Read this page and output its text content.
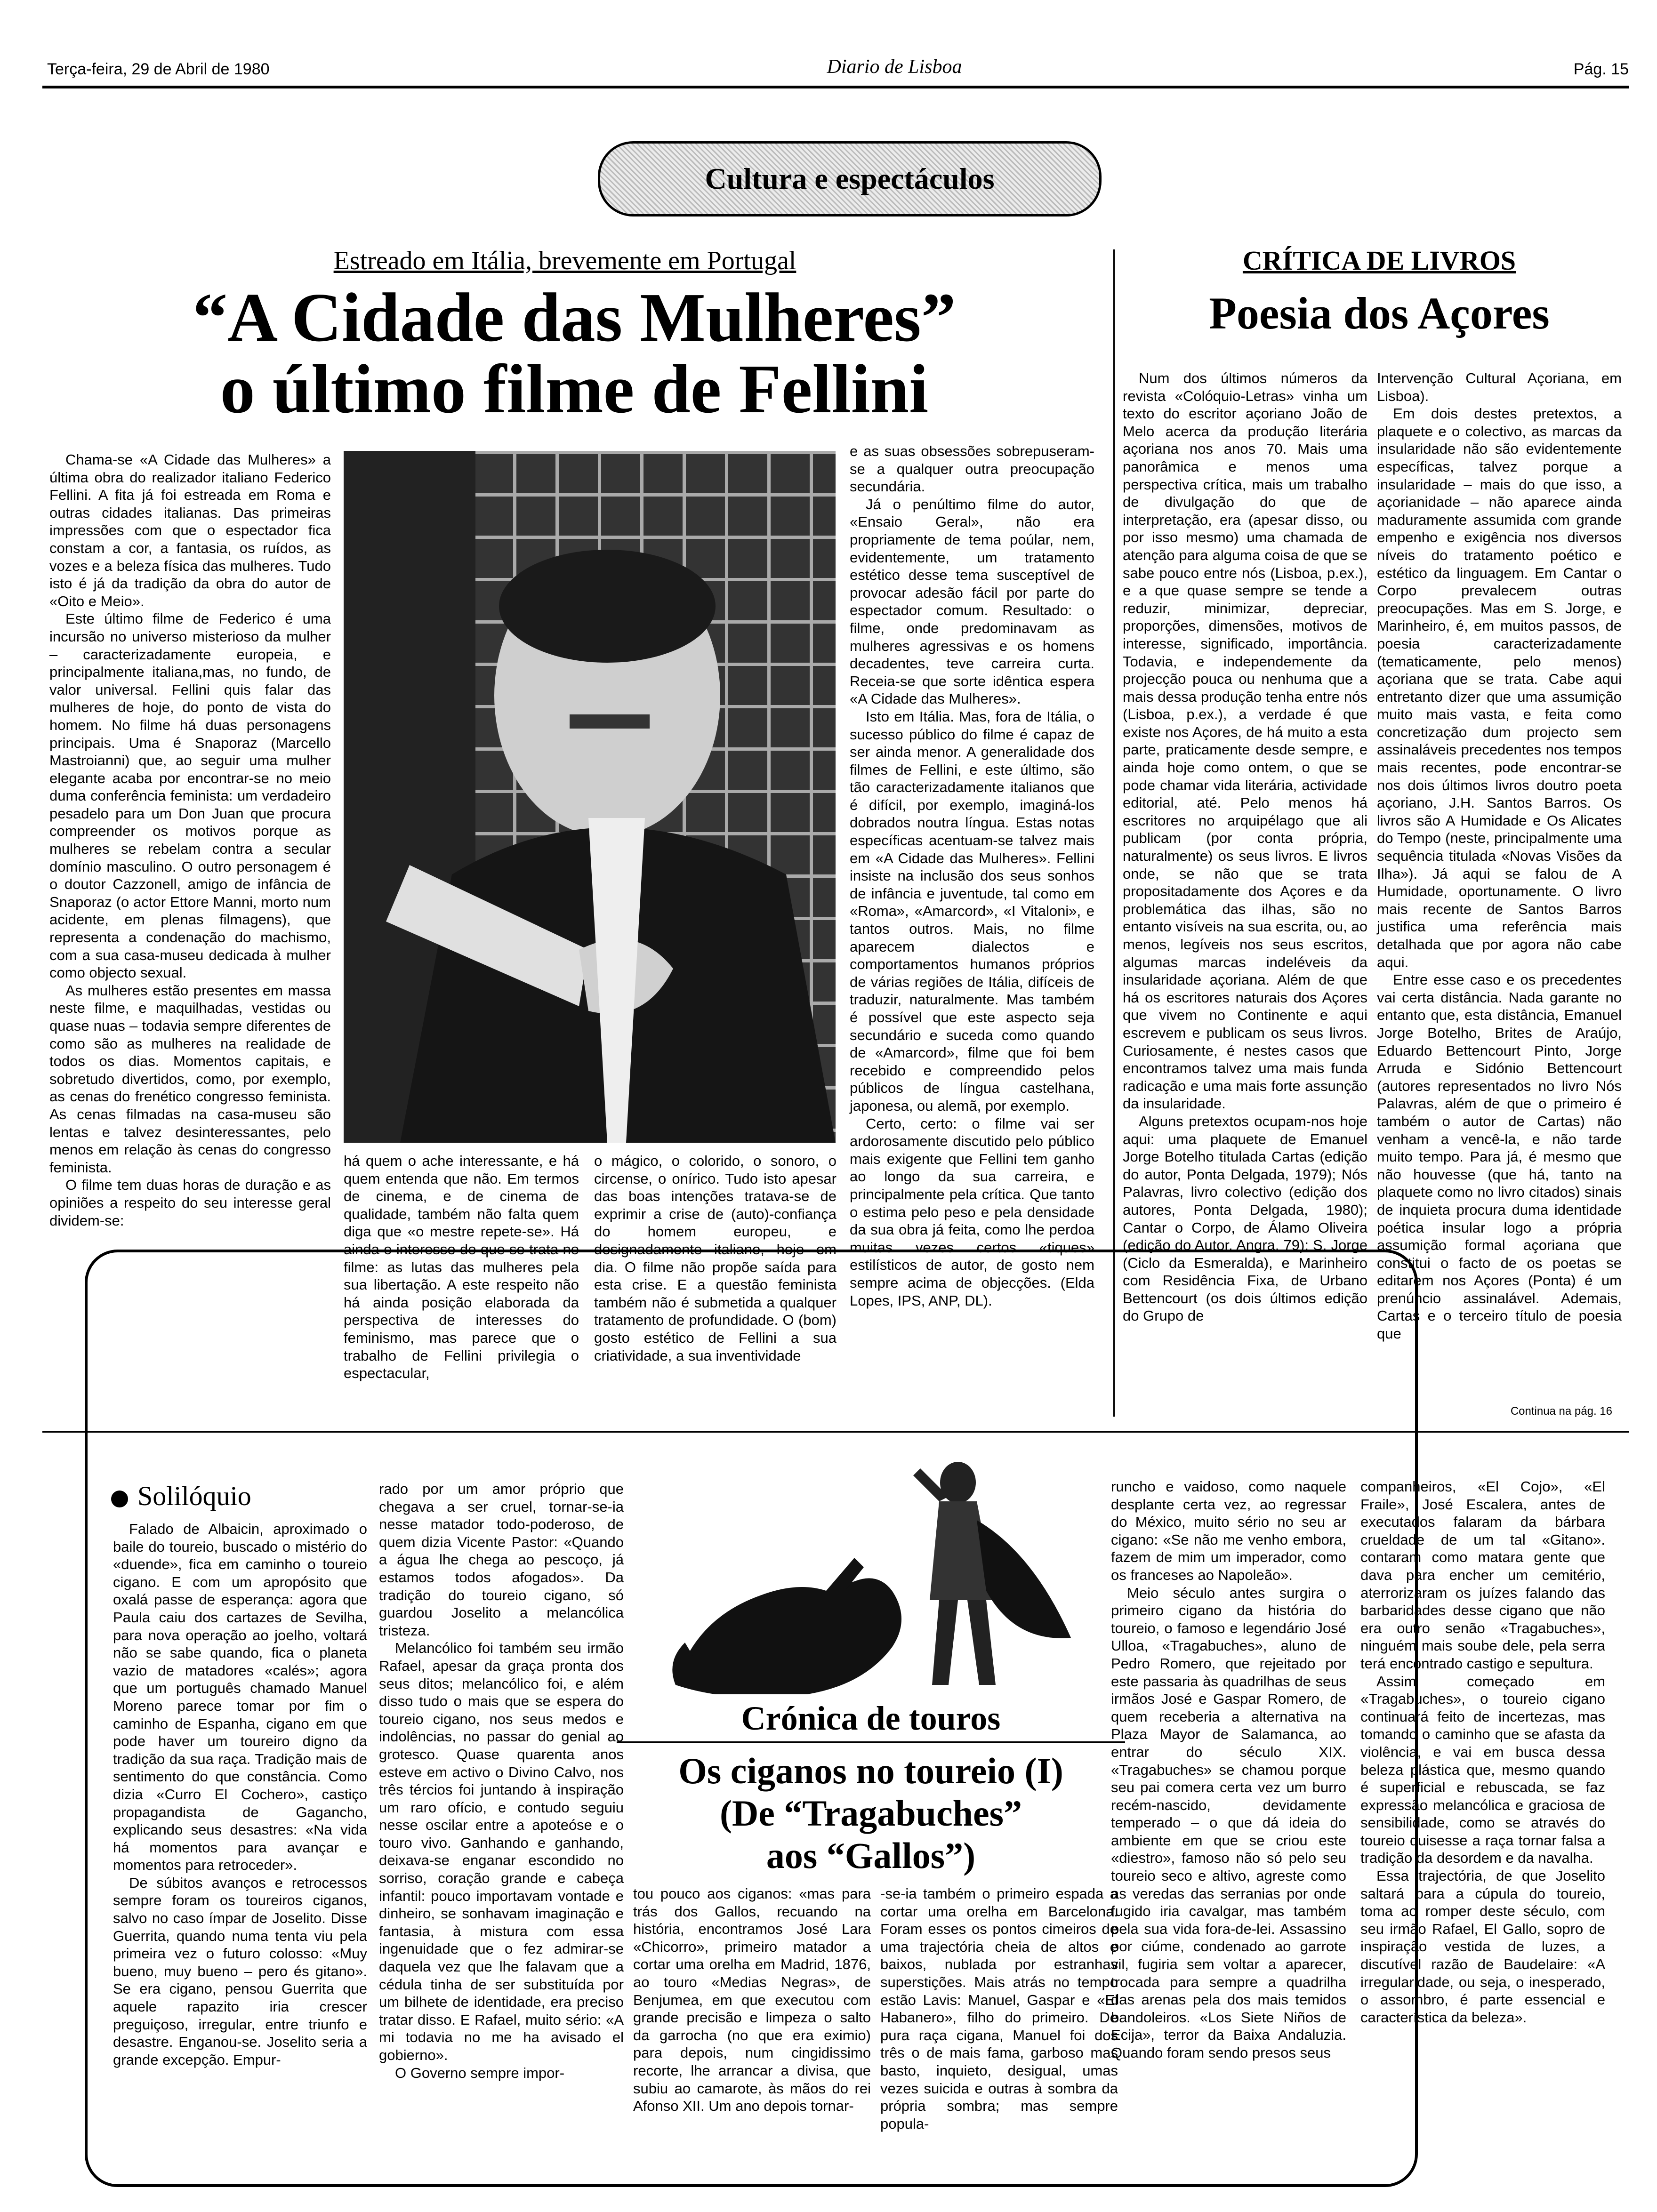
Terça-feira, 29 de Abril de 1980	Diario de Lisboa	Pág. 15
Cultura e espectáculos
Estreado em Itália, brevemente em Portugal
“A Cidade das Mulheres”
o último filme de Fellini

Chama-se «A Cidade das Mulheres» a última obra do realizador italiano Federico Fellini. A fita já foi estreada em Roma e outras cidades italianas. Das primeiras impressões com que o espectador fica constam a cor, a fantasia, os ruídos, as vozes e a beleza física das mulheres. Tudo isto é já da tradição da obra do autor de «Oito e Meio».

Este último filme de Federico é uma incursão no universo misterioso da mulher – caracterizadamente europeia, e principalmente italiana,mas, no fundo, de valor universal. Fellini quis falar das mulheres de hoje, do ponto de vista do homem. No filme há duas personagens principais. Uma é Snaporaz (Marcello Mastroianni) que, ao seguir uma mulher elegante acaba por encontrar-se no meio duma conferência feminista: um verdadeiro pesadelo para um Don Juan que procura compreender os motivos porque as mulheres se rebelam contra a secular domínio masculino. O outro personagem é o doutor Cazzonell, amigo de infância de Snaporaz (o actor Ettore Manni, morto num acidente, em plenas filmagens), que representa a condenação do machismo, com a sua casa-museu dedicada à mulher como objecto sexual.

As mulheres estão presentes em massa neste filme, e maquilhadas, vestidas ou quase nuas – todavia sempre diferentes de como são as mulheres na realidade de todos os dias. Momentos capitais, e sobretudo divertidos, como, por exemplo, as cenas do frenético congresso feminista. As cenas filmadas na casa-museu são lentas e talvez desinteressantes, pelo menos em relação às cenas do congresso feminista.

O filme tem duas horas de duração e as opiniões a respeito do seu interesse geral dividem-se:

há quem o ache interessante, e há quem entenda que não. Em termos de cinema, e de cinema de qualidade, também não falta quem diga que «o mestre repete-se». Há ainda o interesse do que se trata no filme: as lutas das mulheres pela sua libertação. A este respeito não há ainda posição elaborada da perspectiva de interesses do feminismo, mas parece que o trabalho de Fellini privilegia o espectacular,

o mágico, o colorido, o sonoro, o circense, o onírico. Tudo isto apesar das boas intenções tratava-se de exprimir a crise de (auto)-confiança do homem europeu, e designadamente italiano, hoje em dia. O filme não propõe saída para esta crise. E a questão feminista também não é submetida a qualquer tratamento de profundidade. O (bom) gosto estético de Fellini a sua criatividade, a sua inventividade

e as suas obsessões sobrepuseram-se a qualquer outra preocupação secundária.

Já o penúltimo filme do autor, «Ensaio Geral», não era propriamente de tema poúlar, nem, evidentemente, um tratamento estético desse tema susceptível de provocar adesão fácil por parte do espectador comum. Resultado: o filme, onde predominavam as mulheres agressivas e os homens decadentes, teve carreira curta. Receia-se que sorte idêntica espera «A Cidade das Mulheres».

Isto em Itália. Mas, fora de Itália, o sucesso público do filme é capaz de ser ainda menor. A generalidade dos filmes de Fellini, e este último, são tão caracterizadamente italianos que é difícil, por exemplo, imaginá-los dobrados noutra língua. Estas notas específicas acentuam-se talvez mais em «A Cidade das Mulheres». Fellini insiste na inclusão dos seus sonhos de infância e juventude, tal como em «Roma», «Amarcord», «I Vitaloni», e tantos outros. Mais, no filme aparecem dialectos e comportamentos humanos próprios de várias regiões de Itália, difíceis de traduzir, naturalmente. Mas também é possível que este aspecto seja secundário e suceda como quando de «Amarcord», filme que foi bem recebido e compreendido pelos públicos de língua castelhana, japonesa, ou alemã, por exemplo.

Certo, certo: o filme vai ser ardorosamente discutido pelo público mais exigente que Fellini tem ganho ao longo da sua carreira, e principalmente pela crítica. Que tanto o estima pelo peso e pela densidade da sua obra já feita, como lhe perdoa muitas vezes certos «tiques» estilísticos de autor, de gosto nem sempre acima de objecções. (Elda Lopes, IPS, ANP, DL).

CRÍTICA DE LIVROS
Poesia dos Açores

Num dos últimos números da revista «Colóquio-Letras» vinha um texto do escritor açoriano João de Melo acerca da produção literária açoriana nos anos 70. Mais uma panorâmica e menos uma perspectiva crítica, mais um trabalho de divulgação do que de interpretação, era (apesar disso, ou por isso mesmo) uma chamada de atenção para alguma coisa de que se sabe pouco entre nós (Lisboa, p.ex.), e a que quase sempre se tende a reduzir, minimizar, depreciar, proporções, dimensões, motivos de interesse, significado, importância. Todavia, e independemente da projecção pouca ou nenhuma que a mais dessa produção tenha entre nós (Lisboa, p.ex.), a verdade é que existe nos Açores, de há muito a esta parte, praticamente desde sempre, e ainda hoje como ontem, o que se pode chamar vida literária, actividade editorial, até. Pelo menos há escritores no arquipélago que ali publicam (por conta própria, naturalmente) os seus livros. E livros onde, se não que se trata propositadamente dos Açores e da problemática das ilhas, são no entanto visíveis na sua escrita, ou, ao menos, legíveis nos seus escritos, algumas marcas indeléveis da insularidade açoriana. Além de que há os escritores naturais dos Açores que vivem no Continente e aqui escrevem e publicam os seus livros. Curiosamente, é nestes casos que encontramos talvez uma mais funda radicação e uma mais forte assunção da insularidade.

Alguns pretextos ocupam-nos hoje aqui: uma plaquete de Emanuel Jorge Botelho titulada Cartas (edição do autor, Ponta Delgada, 1979); Nós Palavras, livro colectivo (edição dos autores, Ponta Delgada, 1980); Cantar o Corpo, de Álamo Oliveira (edição do Autor, Angra, 79); S. Jorge (Ciclo da Esmeralda), e Marinheiro com Residência Fixa, de Urbano Bettencourt (os dois últimos edição do Grupo de

Intervenção Cultural Açoriana, em Lisboa).

Em dois destes pretextos, a plaquete e o colectivo, as marcas da insularidade não são evidentemente específicas, talvez porque a insularidade – mais do que isso, a açorianidade – não aparece ainda maduramente assumida com grande empenho e exigência nos diversos níveis do tratamento poético e estético da linguagem. Em Cantar o Corpo prevalecem outras preocupações. Mas em S. Jorge, e Marinheiro, é, em muitos passos, de poesia caracterizadamente (tematicamente, pelo menos) açoriana que se trata. Cabe aqui entretanto dizer que uma assumição muito mais vasta, e feita como concretização dum projecto sem assinaláveis precedentes nos tempos mais recentes, pode encontrar-se nos dois últimos livros doutro poeta açoriano, J.H. Santos Barros. Os livros são A Humidade e Os Alicates do Tempo (neste, principalmente uma sequência titulada «Novas Visões da Ilha»). Já aqui se falou de A Humidade, oportunamente. O livro mais recente de Santos Barros justifica uma referência mais detalhada que por agora não cabe aqui.

Entre esse caso e os precedentes vai certa distância. Nada garante no entanto que, esta distância, Emanuel Jorge Botelho, Brites de Araújo, Eduardo Bettencourt Pinto, Jorge Arruda e Sidónio Bettencourt (autores representados no livro Nós Palavras, além de que o primeiro é também o autor de Cartas) não venham a vencê-la, e não tarde muito tempo. Para já, é mesmo que não houvesse (que há, tanto na plaquete como no livro citados) sinais de inquieta procura duma identidade poética insular logo a própria assumição formal açoriana que constitui o facto de os poetas se editarem nos Açores (Ponta) é um prenúncio assinalável. Ademais, Cartas e o terceiro título de poesia que

Continua na pág. 16
Solilóquio
Crónica de touros
Os ciganos no toureio (I)
(De “Tragabuches”
aos “Gallos”)

Falado de Albaicin, aproximado o baile do toureio, buscado o mistério do «duende», fica em caminho o toureio cigano. E com um apropósito que oxalá passe de esperança: agora que Paula caiu dos cartazes de Sevilha, para nova operação ao joelho, voltará não se sabe quando, fica o planeta vazio de matadores «calés»; agora que um português chamado Manuel Moreno parece tomar por fim o caminho de Espanha, cigano em que pode haver um toureiro digno da tradição da sua raça. Tradição mais de sentimento do que constância. Como dizia «Curro El Cochero», castiço propagandista de Gagancho, explicando seus desastres: «Na vida há momentos para avançar e momentos para retroceder».

De súbitos avanços e retrocessos sempre foram os toureiros ciganos, salvo no caso ímpar de Joselito. Disse Guerrita, quando numa tenta viu pela primeira vez o futuro colosso: «Muy bueno, muy bueno – pero és gitano». Se era cigano, pensou Guerrita que aquele rapazito iria crescer preguiçoso, irregular, entre triunfo e desastre. Enganou-se. Joselito seria a grande excepção. Empur-

rado por um amor próprio que chegava a ser cruel, tornar-se-ia nesse matador todo-poderoso, de quem dizia Vicente Pastor: «Quando a água lhe chega ao pescoço, já estamos todos afogados». Da tradição do toureio cigano, só guardou Joselito a melancólica tristeza.

Melancólico foi também seu irmão Rafael, apesar da graça pronta dos seus ditos; melancólico foi, e além disso tudo o mais que se espera do toureio cigano, nos seus medos e indolências, no passar do genial ao grotesco. Quase quarenta anos esteve em activo o Divino Calvo, nos três tércios foi juntando à inspiração um raro ofício, e contudo seguiu nesse oscilar entre a apoteóse e o touro vivo. Ganhando e ganhando, deixava-se enganar escondido no sorriso, coração grande e cabeça infantil: pouco importavam vontade e dinheiro, se sonhavam imaginação e fantasia, à mistura com essa ingenuidade que o fez admirar-se daquela vez que lhe falavam que a cédula tinha de ser substituída por um bilhete de identidade, era preciso tratar disso. E Rafael, muito sério: «A mi todavia no me ha avisado el gobierno».

O Governo sempre impor-

tou pouco aos ciganos: «mas para trás dos Gallos, recuando na história, encontramos José Lara «Chicorro», primeiro matador a cortar uma orelha em Madrid, 1876, ao touro «Medias Negras», de Benjumea, em que executou com grande precisão e limpeza o salto da garrocha (no que era eximio) para depois, num cingidissimo recorte, lhe arrancar a divisa, que subiu ao camarote, às mãos do rei Afonso XII. Um ano depois tornar-

-se-ia também o primeiro espada a cortar uma orelha em Barcelona. Foram esses os pontos cimeiros de uma trajectória cheia de altos e baixos, nublada por estranhas superstições. Mais atrás no tempo estão Lavis: Manuel, Gaspar e «El Habanero», filho do primeiro. De pura raça cigana, Manuel foi dos três o de mais fama, garboso mas basto, inquieto, desigual, umas vezes suicida e outras à sombra da própria sombra; mas sempre popula-

runcho e vaidoso, como naquele desplante certa vez, ao regressar do México, muito sério no seu ar cigano: «Se não me venho embora, fazem de mim um imperador, como os franceses ao Napoleão».

Meio século antes surgira o primeiro cigano da história do toureio, o famoso e legendário José Ulloa, «Tragabuches», aluno de Pedro Romero, que rejeitado por este passaria às quadrilhas de seus irmãos José e Gaspar Romero, de quem receberia a alternativa na Plaza Mayor de Salamanca, ao entrar do século XIX. «Tragabuches» se chamou porque seu pai comera certa vez um burro recém-nascido, devidamente temperado – o que dá ideia do ambiente em que se criou este «diestro», famoso não só pelo seu toureio seco e altivo, agreste como as veredas das serranias por onde fugido iria cavalgar, mas também pela sua vida fora-de-lei. Assassino por ciúme, condenado ao garrote vil, fugiria sem voltar a aparecer, trocada para sempre a quadrilha das arenas pela dos mais temidos bandoleiros. «Los Siete Niños de Ecija», terror da Baixa Andaluzia. Quando foram sendo presos seus

companheiros, «El Cojo», «El Fraile», José Escalera, antes de executados falaram da bárbara crueldade de um tal «Gitano». contaram como matara gente que dava para encher um cemitério, aterrorizaram os juízes falando das barbaridades desse cigano que não era outro senão «Tragabuches», ninguém mais soube dele, pela serra terá encontrado castigo e sepultura.

Assim começado em «Tragabuches», o toureio cigano continuará feito de incertezas, mas tomando o caminho que se afasta da violência, e vai em busca dessa beleza plástica que, mesmo quando é superficial e rebuscada, se faz expressão melancólica e graciosa de sensibilidade, como se através do toureio quisesse a raça tornar falsa a tradição da desordem e da navalha.

Essa trajectória, de que Joselito saltará para a cúpula do toureio, toma ao romper deste século, com seu irmão Rafael, El Gallo, sopro de inspiração vestida de luzes, a discutível razão de Baudelaire: «A irregularidade, ou seja, o inesperado, o assombro, é parte essencial e característica da beleza».
